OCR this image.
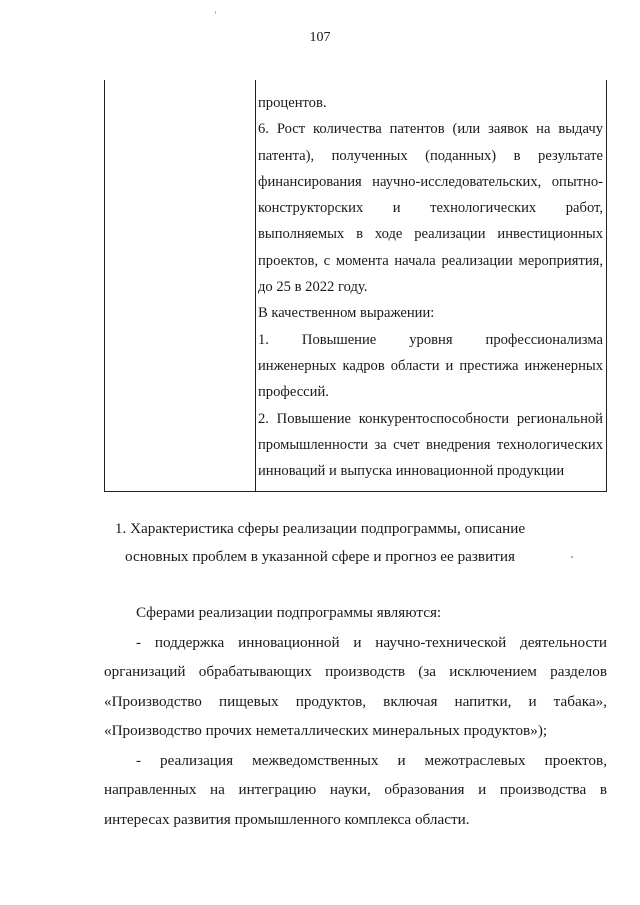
107

процентов.

6. Рост количества патентов (или заявок на выдачу патента), полученных (поданных) в результате финансирования научно-исследовательских, опытно-конструкторских и технологических работ, выполняемых в ходе реализации инвестиционных проектов, с момента начала реализации мероприятия, до 25 в 2022 году.

В качественном выражении:

1. Повышение уровня профессионализма

инженерных кадров области и престижа инженерных профессий.

2. Повышение конкурентоспособности региональной промышленности за счет внедрения технологических инноваций и выпуска инновационной продукции

1. Характеристика сферы реализации подпрограммы, описание
основных проблем в указанной сфере и прогноз ее развития

Сферами реализации подпрограммы являются:

- поддержка инновационной и научно-технической деятельности организаций обрабатывающих производств (за исключением разделов «Производство пищевых продуктов, включая напитки, и табака», «Производство прочих неметаллических минеральных продуктов»);

- реализация межведомственных и межотраслевых проектов, направленных на интеграцию науки, образования и производства в интересах развития промышленного комплекса области.
